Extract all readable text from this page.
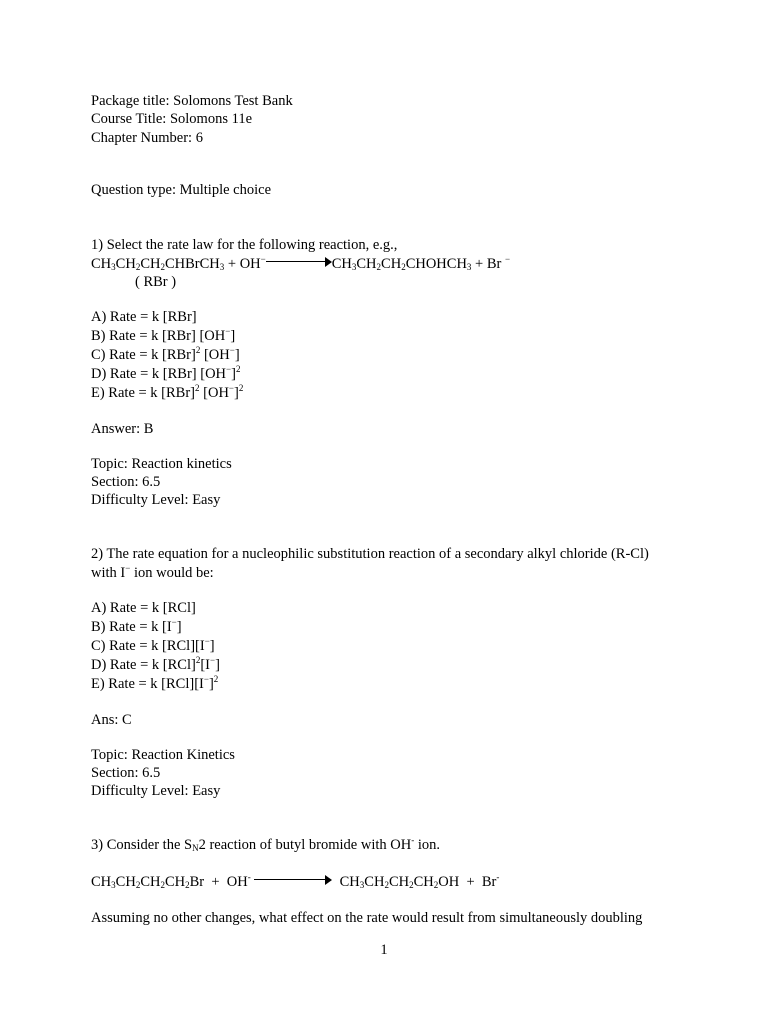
Package title: Solomons Test Bank
Course Title: Solomons 11e
Chapter Number: 6
Question type: Multiple choice
1) Select the rate law for the following reaction, e.g.,
$CH_3CH_2CH_2CHBrCH_3 + OH^-$	$CH_3CH_2CH_2CHOHCH_3 + Br$ −
( RBr )
A) Rate = k [RBr]
B) Rate = k [RBr] [OH−]
C) Rate = k [RBr]$^2$ [OH−]
D) Rate = k [RBr] $[OH^-]^2$
E) Rate = k [RBr]$^2$ $[OH^-]^2$
Answer: B
Topic: Reaction kinetics
Section: 6.5
Difficulty Level: Easy
2) The rate equation for a nucleophilic substitution reaction of a secondary alkyl chloride (R-Cl)
with I− ion would be:
A) Rate = k [RCl]
B) Rate = k [I−]
C) Rate = k [RCl][I−]
D) Rate = k [RCl]$^2$[I−]
E) Rate = k $[RCl][I^-]^2$
Ans: C
Topic: Reaction Kinetics
Section: 6.5
Difficulty Level: Easy
3) Consider the $S_N2$ reaction of butyl bromide with OH- ion.
$CH_3CH_2CH_2CH_2Br + OH^-$	$CH_3CH_2CH_2CH_2OH + Br^-$
Assuming no other changes, what effect on the rate would result from simultaneously doubling
1
